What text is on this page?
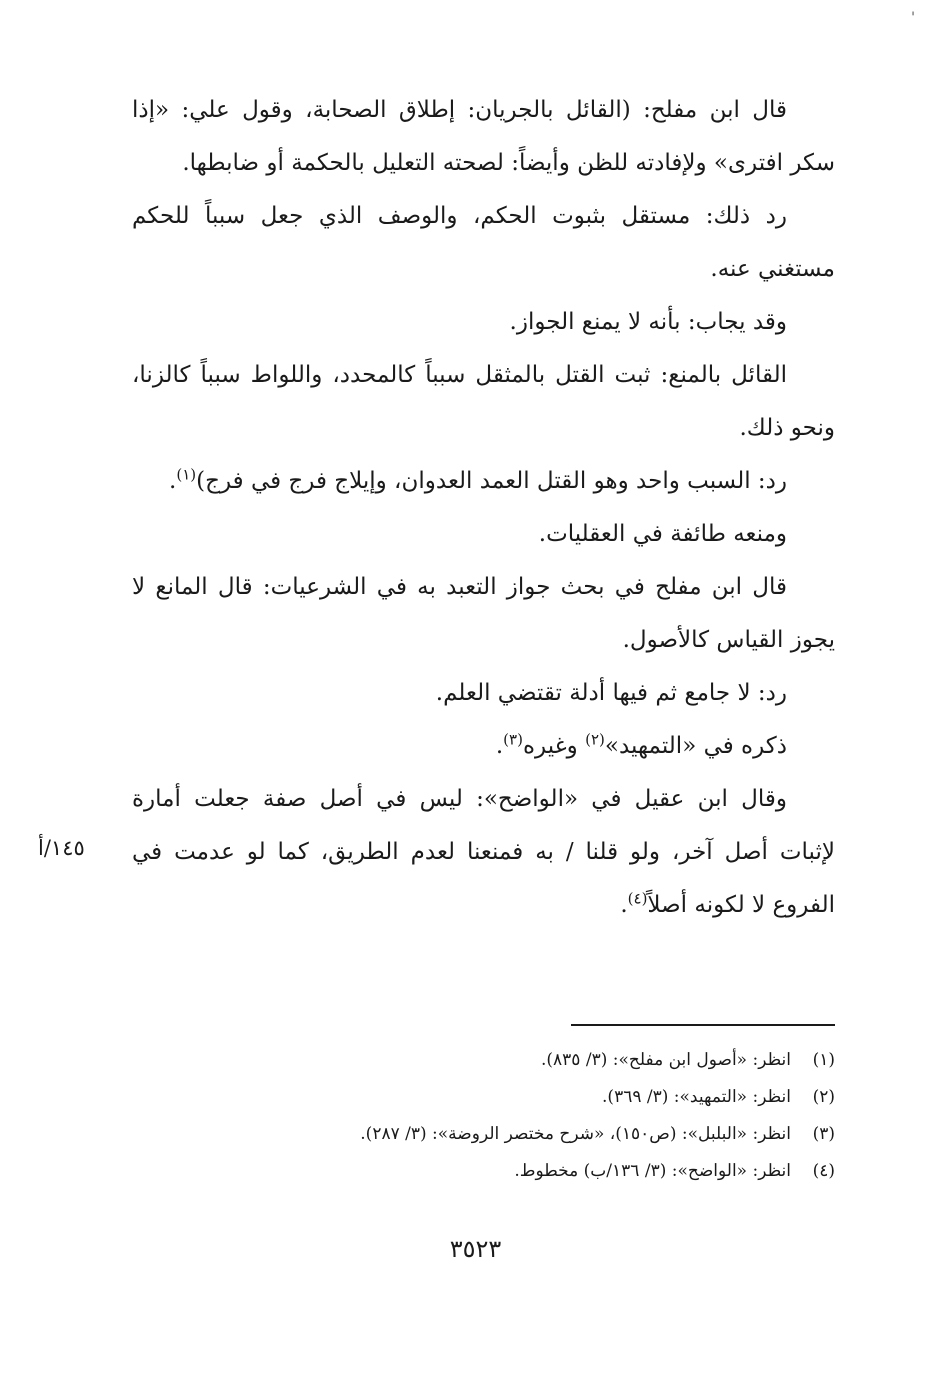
'

قال ابن مفلح: (القائل بالجريان: إطلاق الصحابة، وقول علي: «إذا سكر افترى» ولإفادته للظن وأيضاً: لصحته التعليل بالحكمة أو ضابطها.

رد ذلك: مستقل بثبوت الحكم، والوصف الذي جعل سبباً للحكم مستغني عنه.

وقد يجاب: بأنه لا يمنع الجواز.

القائل بالمنع: ثبت القتل بالمثقل سبباً كالمحدد، واللواط سبباً كالزنا، ونحو ذلك.

رد: السبب واحد وهو القتل العمد العدوان، وإيلاج فرج في فرج)$^{(١)}$.

ومنعه طائفة في العقليات.

قال ابن مفلح في بحث جواز التعبد به في الشرعيات: قال المانع لا يجوز القياس كالأصول.

رد: لا جامع ثم فيها أدلة تقتضي العلم.

ذكره في «التمهيد»$^{(٢)}$ وغيره$^{(٣)}$.

وقال ابن عقيل في «الواضح»: ليس في أصل صفة جعلت أمارة لإثبات أصل آخر، ولو قلنا / به فمنعنا لعدم الطريق، كما لو عدمت في الفروع لا لكونه أصلاً$^{(٤)}$.

١٤٥/أ
(١)انظر: «أصول ابن مفلح»: (٣/ ٨٣٥).
(٢)انظر: «التمهيد»: (٣/ ٣٦٩).
(٣)انظر: «البلبل»: (ص١٥٠)، «شرح مختصر الروضة»: (٣/ ٢٨٧).
(٤)انظر: «الواضح»: (٣/ ١٣٦/ب) مخطوط.
٣٥٢٣
